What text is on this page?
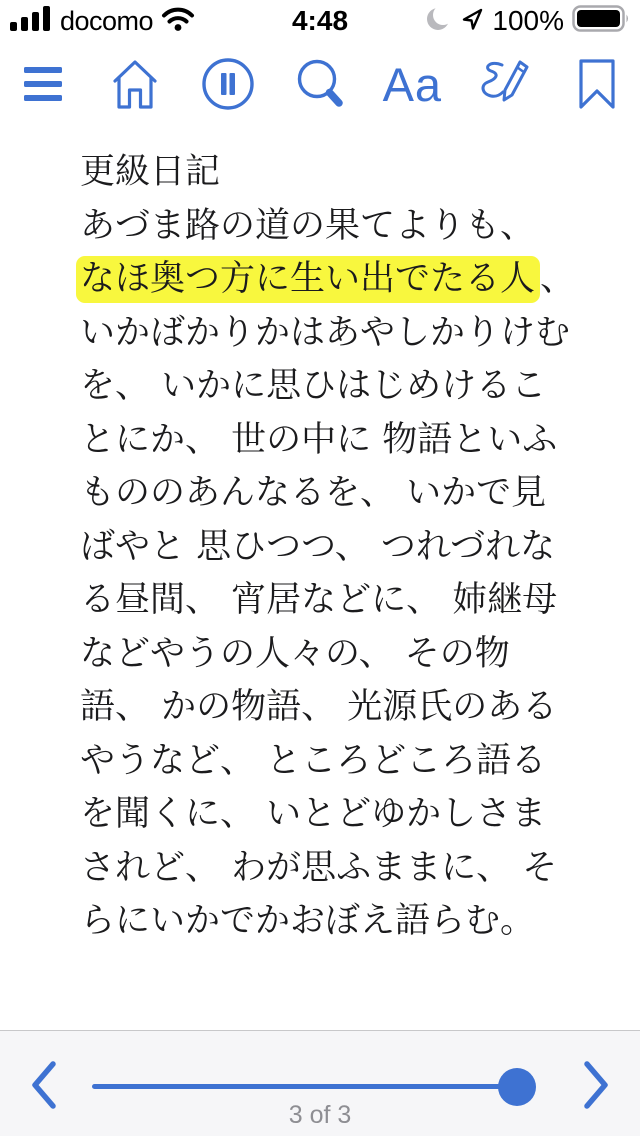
docomo	4:48	100%
Aa
更級日記
あづま路の道の果てよりも、
なほ奥つ方に生い出でたる人 、
いかばかりかはあやしかりけむ
を、 いかに思ひはじめけるこ
とにか、 世の中に 物語といふ
もののあんなるを、 いかで見
ばやと 思ひつつ、 つれづれな
る昼間、 宵居などに、 姉継母
などやうの人々の、 その物
語、 かの物語、 光源氏のある
やうなど、 ところどころ語る
を聞くに、 いとどゆかしさま
されど、 わが思ふままに、 そ
らにいかでかおぼえ語らむ。
3 of 3
